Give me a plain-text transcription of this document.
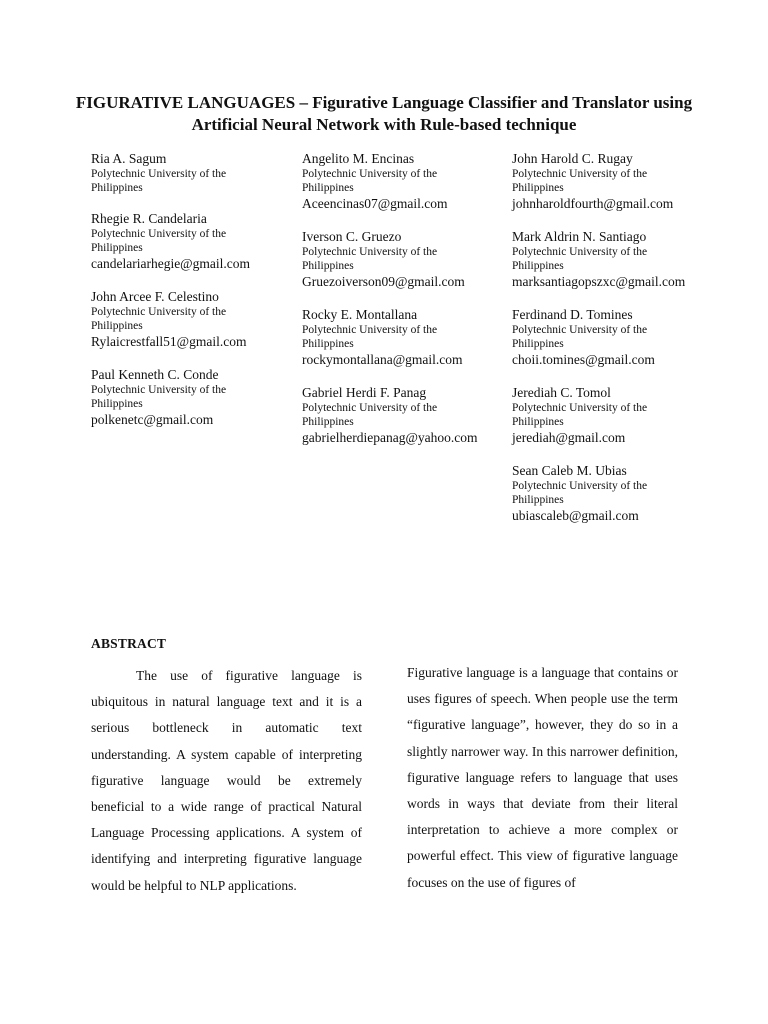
FIGURATIVE LANGUAGES – Figurative Language Classifier and Translator using Artificial Neural Network with Rule-based technique
Ria A. Sagum
Polytechnic University of the Philippines
Rhegie R. Candelaria
Polytechnic University of the Philippines
candelariarhegie@gmail.com
John Arcee F. Celestino
Polytechnic University of the Philippines
Rylaicrestfall51@gmail.com
Paul Kenneth C. Conde
Polytechnic University of the Philippines
polkenetc@gmail.com
Angelito M. Encinas
Polytechnic University of the Philippines
Aceencinas07@gmail.com
Iverson C. Gruezo
Polytechnic University of the Philippines
Gruezoiverson09@gmail.com
Rocky E. Montallana
Polytechnic University of the Philippines
rockymontallana@gmail.com
Gabriel Herdi F. Panag
Polytechnic University of the Philippines
gabrielherdiepanag@yahoo.com
John Harold C. Rugay
Polytechnic University of the Philippines
johnharoldfourth@gmail.com
Mark Aldrin N. Santiago
Polytechnic University of the Philippines
marksantiagopszxc@gmail.com
Ferdinand D. Tomines
Polytechnic University of the Philippines
choii.tomines@gmail.com
Jerediah C. Tomol
Polytechnic University of the Philippines
jerediah@gmail.com
Sean Caleb M. Ubias
Polytechnic University of the Philippines
ubiascaleb@gmail.com
ABSTRACT

The use of figurative language is ubiquitous in natural language text and it is a serious bottleneck in automatic text understanding. A system capable of interpreting figurative language would be extremely beneficial to a wide range of practical Natural Language Processing applications. A system of identifying and interpreting figurative language would be helpful to NLP applications.

Figurative language is a language that contains or uses figures of speech. When people use the term “figurative language”, however, they do so in a slightly narrower way. In this narrower definition, figurative language refers to language that uses words in ways that deviate from their literal interpretation to achieve a more complex or powerful effect. This view of figurative language focuses on the use of figures of
